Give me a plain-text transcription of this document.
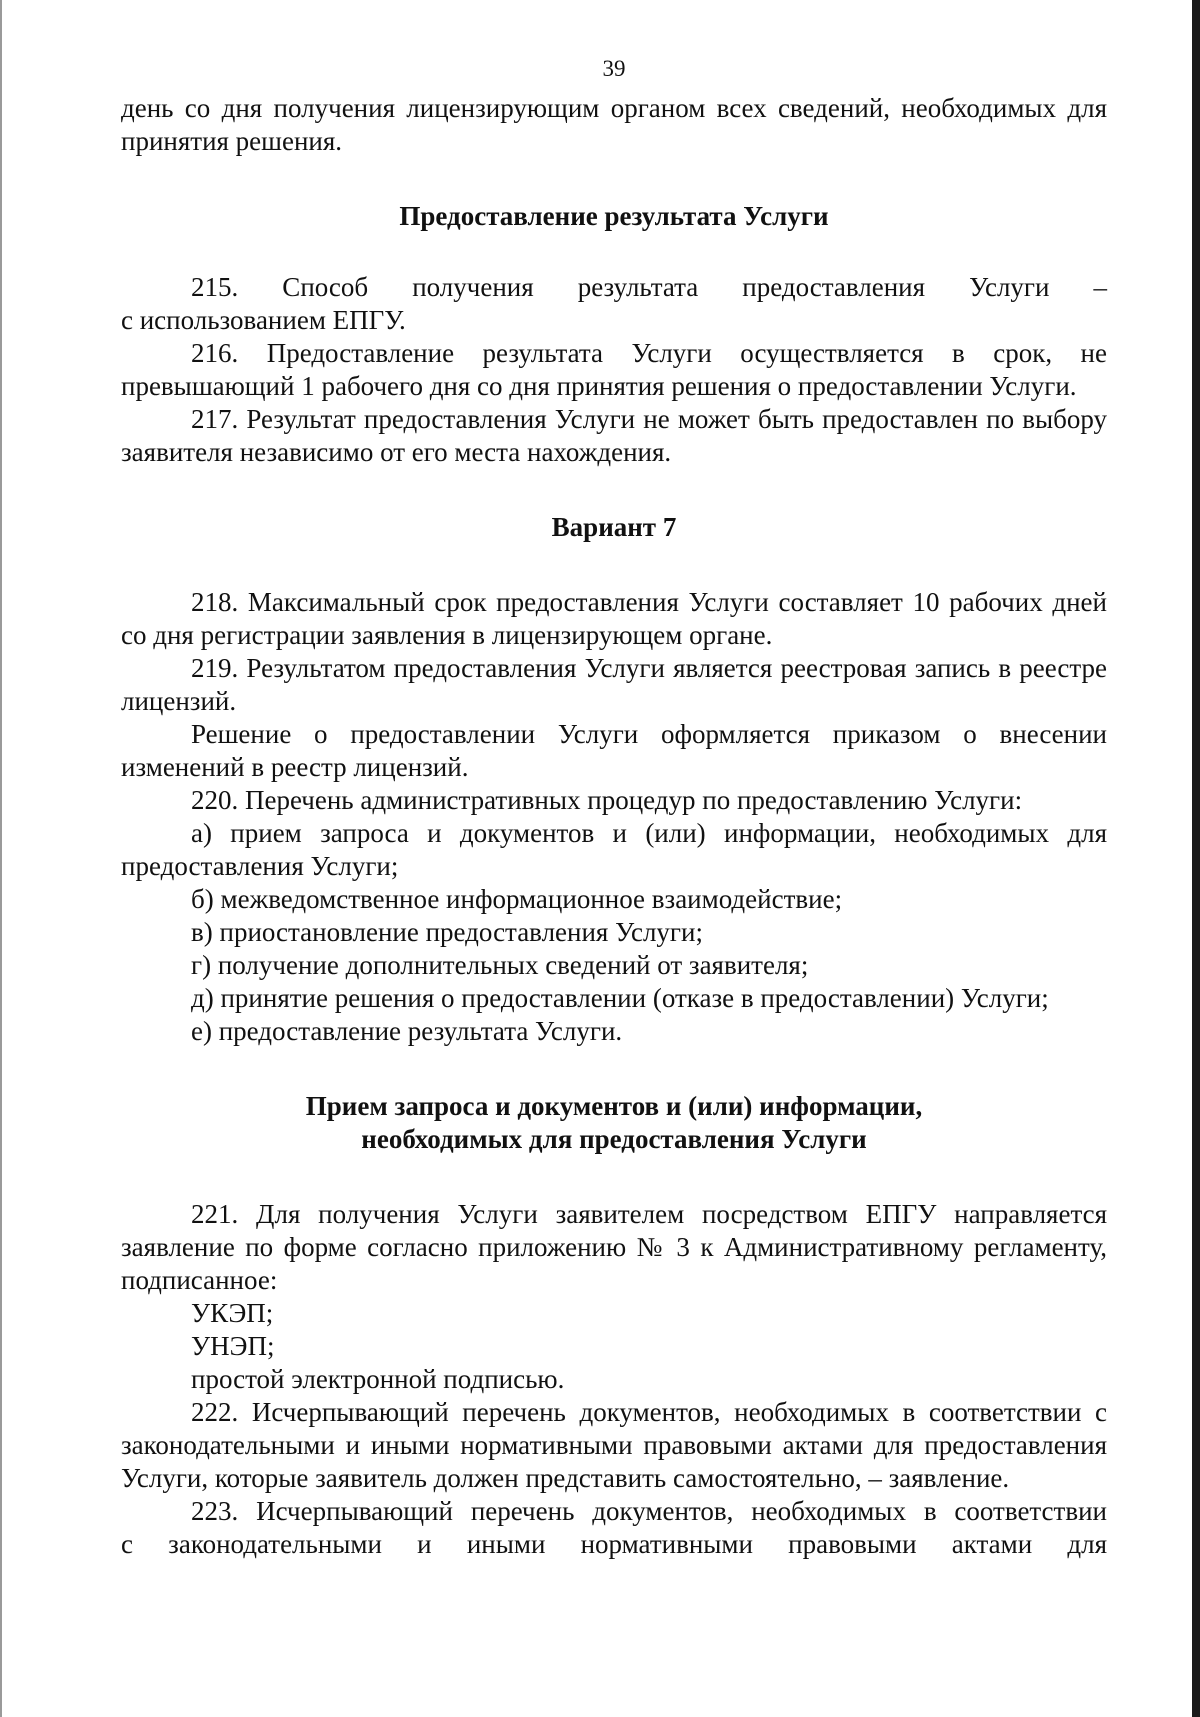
39

день со дня получения лицензирующим органом всех сведений, необходимых для принятия решения.

Предоставление результата Услуги

215. Способ получения результата предоставления Услуги –

с использованием ЕПГУ.

216. Предоставление результата Услуги осуществляется в срок, не превышающий 1 рабочего дня со дня принятия решения о предоставлении Услуги.

217. Результат предоставления Услуги не может быть предоставлен по выбору заявителя независимо от его места нахождения.

Вариант 7

218. Максимальный срок предоставления Услуги составляет 10 рабочих дней со дня регистрации заявления в лицензирующем органе.

219. Результатом предоставления Услуги является реестровая запись в реестре лицензий.

Решение о предоставлении Услуги оформляется приказом о внесении изменений в реестр лицензий.

220. Перечень административных процедур по предоставлению Услуги:

а) прием запроса и документов и (или) информации, необходимых для предоставления Услуги;

б) межведомственное информационное взаимодействие;

в) приостановление предоставления Услуги;

г) получение дополнительных сведений от заявителя;

д) принятие решения о предоставлении (отказе в предоставлении) Услуги;

е) предоставление результата Услуги.

Прием запроса и документов и (или) информации,

необходимых для предоставления Услуги

221. Для получения Услуги заявителем посредством ЕПГУ направляется заявление по форме согласно приложению № 3 к Административному регламенту, подписанное:

УКЭП;

УНЭП;

простой электронной подписью.

222. Исчерпывающий перечень документов, необходимых в соответствии с законодательными и иными нормативными правовыми актами для предоставления Услуги, которые заявитель должен представить самостоятельно, – заявление.

223. Исчерпывающий перечень документов, необходимых в соответствии

с законодательными и иными нормативными правовыми актами для
